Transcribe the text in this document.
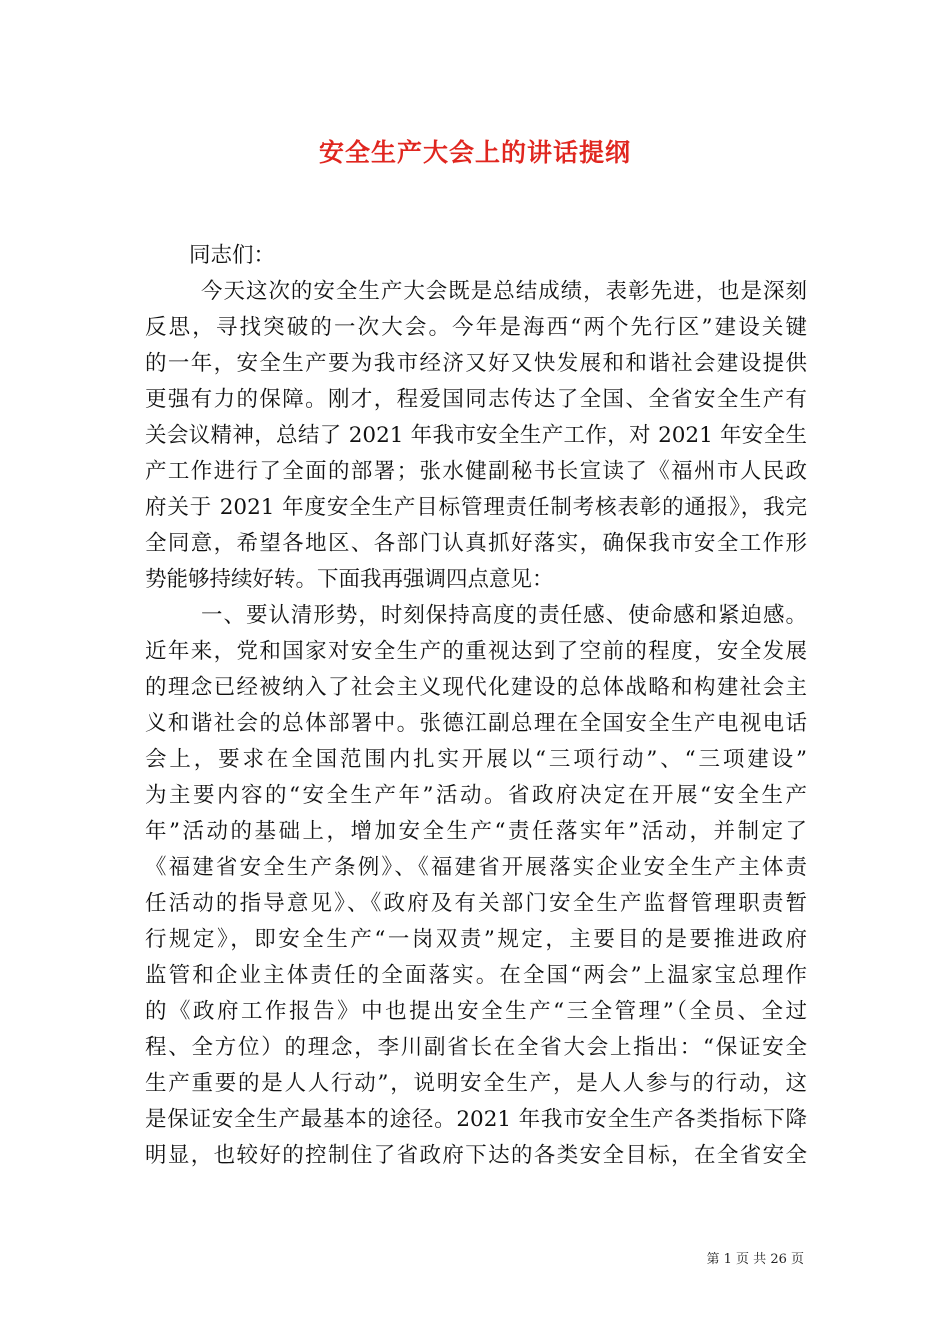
安全生产大会上的讲话提纲
同志们：
今天这次的安全生产大会既是总结成绩，表彰先进，也是深刻
反思，寻找突破的一次大会。今年是海西“两个先行区”建设关键
的一年，安全生产要为我市经济又好又快发展和和谐社会建设提供
更强有力的保障。刚才，程爱国同志传达了全国、全省安全生产有
关会议精神，总结了 2021 年我市安全生产工作，对 2021 年安全生
产工作进行了全面的部署；张水健副秘书长宣读了《福州市人民政
府关于 2021 年度安全生产目标管理责任制考核表彰的通报》，我完
全同意，希望各地区、各部门认真抓好落实，确保我市安全工作形
势能够持续好转。下面我再强调四点意见：
一、要认清形势，时刻保持高度的责任感、使命感和紧迫感。
近年来，党和国家对安全生产的重视达到了空前的程度，安全发展
的理念已经被纳入了社会主义现代化建设的总体战略和构建社会主
义和谐社会的总体部署中。张德江副总理在全国安全生产电视电话
会上，要求在全国范围内扎实开展以“三项行动”、“三项建设”
为主要内容的“安全生产年”活动。省政府决定在开展“安全生产
年”活动的基础上，增加安全生产“责任落实年”活动，并制定了
《福建省安全生产条例》、《福建省开展落实企业安全生产主体责
任活动的指导意见》、《政府及有关部门安全生产监督管理职责暂
行规定》，即安全生产“一岗双责”规定，主要目的是要推进政府
监管和企业主体责任的全面落实。在全国“两会”上温家宝总理作
的《政府工作报告》中也提出安全生产“三全管理”（全员、全过
程、全方位）的理念，李川副省长在全省大会上指出：“保证安全
生产重要的是人人行动”，说明安全生产，是人人参与的行动，这
是保证安全生产最基本的途径。2021 年我市安全生产各类指标下降
明显，也较好的控制住了省政府下达的各类安全目标，在全省安全
第 1 页 共 26 页
